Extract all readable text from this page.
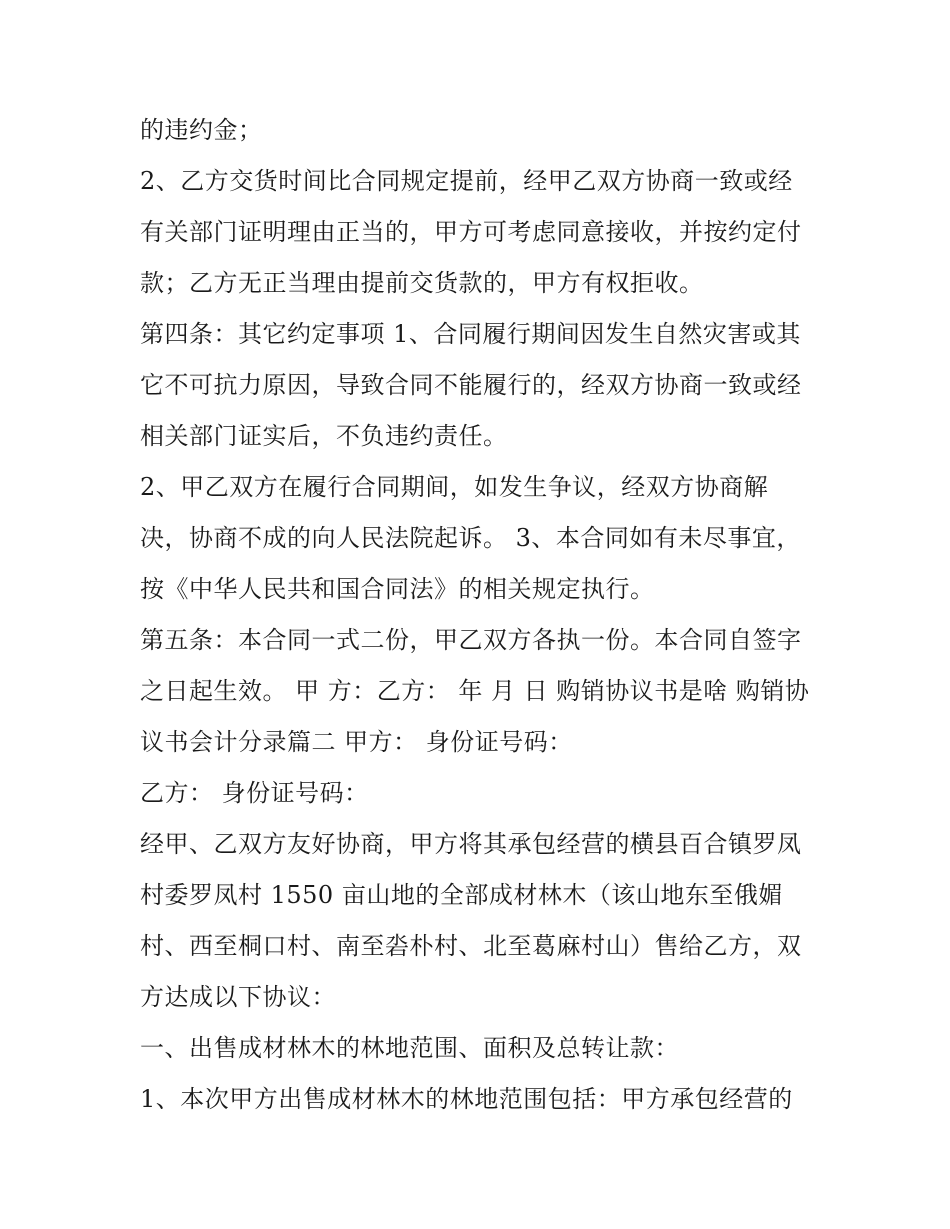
的违约金；
2、乙方交货时间比合同规定提前，经甲乙双方协商一致或经
有关部门证明理由正当的，甲方可考虑同意接收，并按约定付
款；乙方无正当理由提前交货款的，甲方有权拒收。
第四条：其它约定事项 1、合同履行期间因发生自然灾害或其
它不可抗力原因，导致合同不能履行的，经双方协商一致或经
相关部门证实后，不负违约责任。
2、甲乙双方在履行合同期间，如发生争议，经双方协商解
决，协商不成的向人民法院起诉。 3、本合同如有未尽事宜，
按《中华人民共和国合同法》的相关规定执行。
第五条：本合同一式二份，甲乙双方各执一份。本合同自签字
之日起生效。 甲 方：乙方： 年 月 日 购销协议书是啥 购销协
议书会计分录篇二 甲方： 身份证号码：
乙方： 身份证号码：
经甲、乙双方友好协商，甲方将其承包经营的横县百合镇罗凤
村委罗凤村 1550 亩山地的全部成材林木（该山地东至俄媚
村、西至桐口村、南至沯朴村、北至葛麻村山）售给乙方，双
方达成以下协议：
一、出售成材林木的林地范围、面积及总转让款：
1、本次甲方出售成材林木的林地范围包括：甲方承包经营的
